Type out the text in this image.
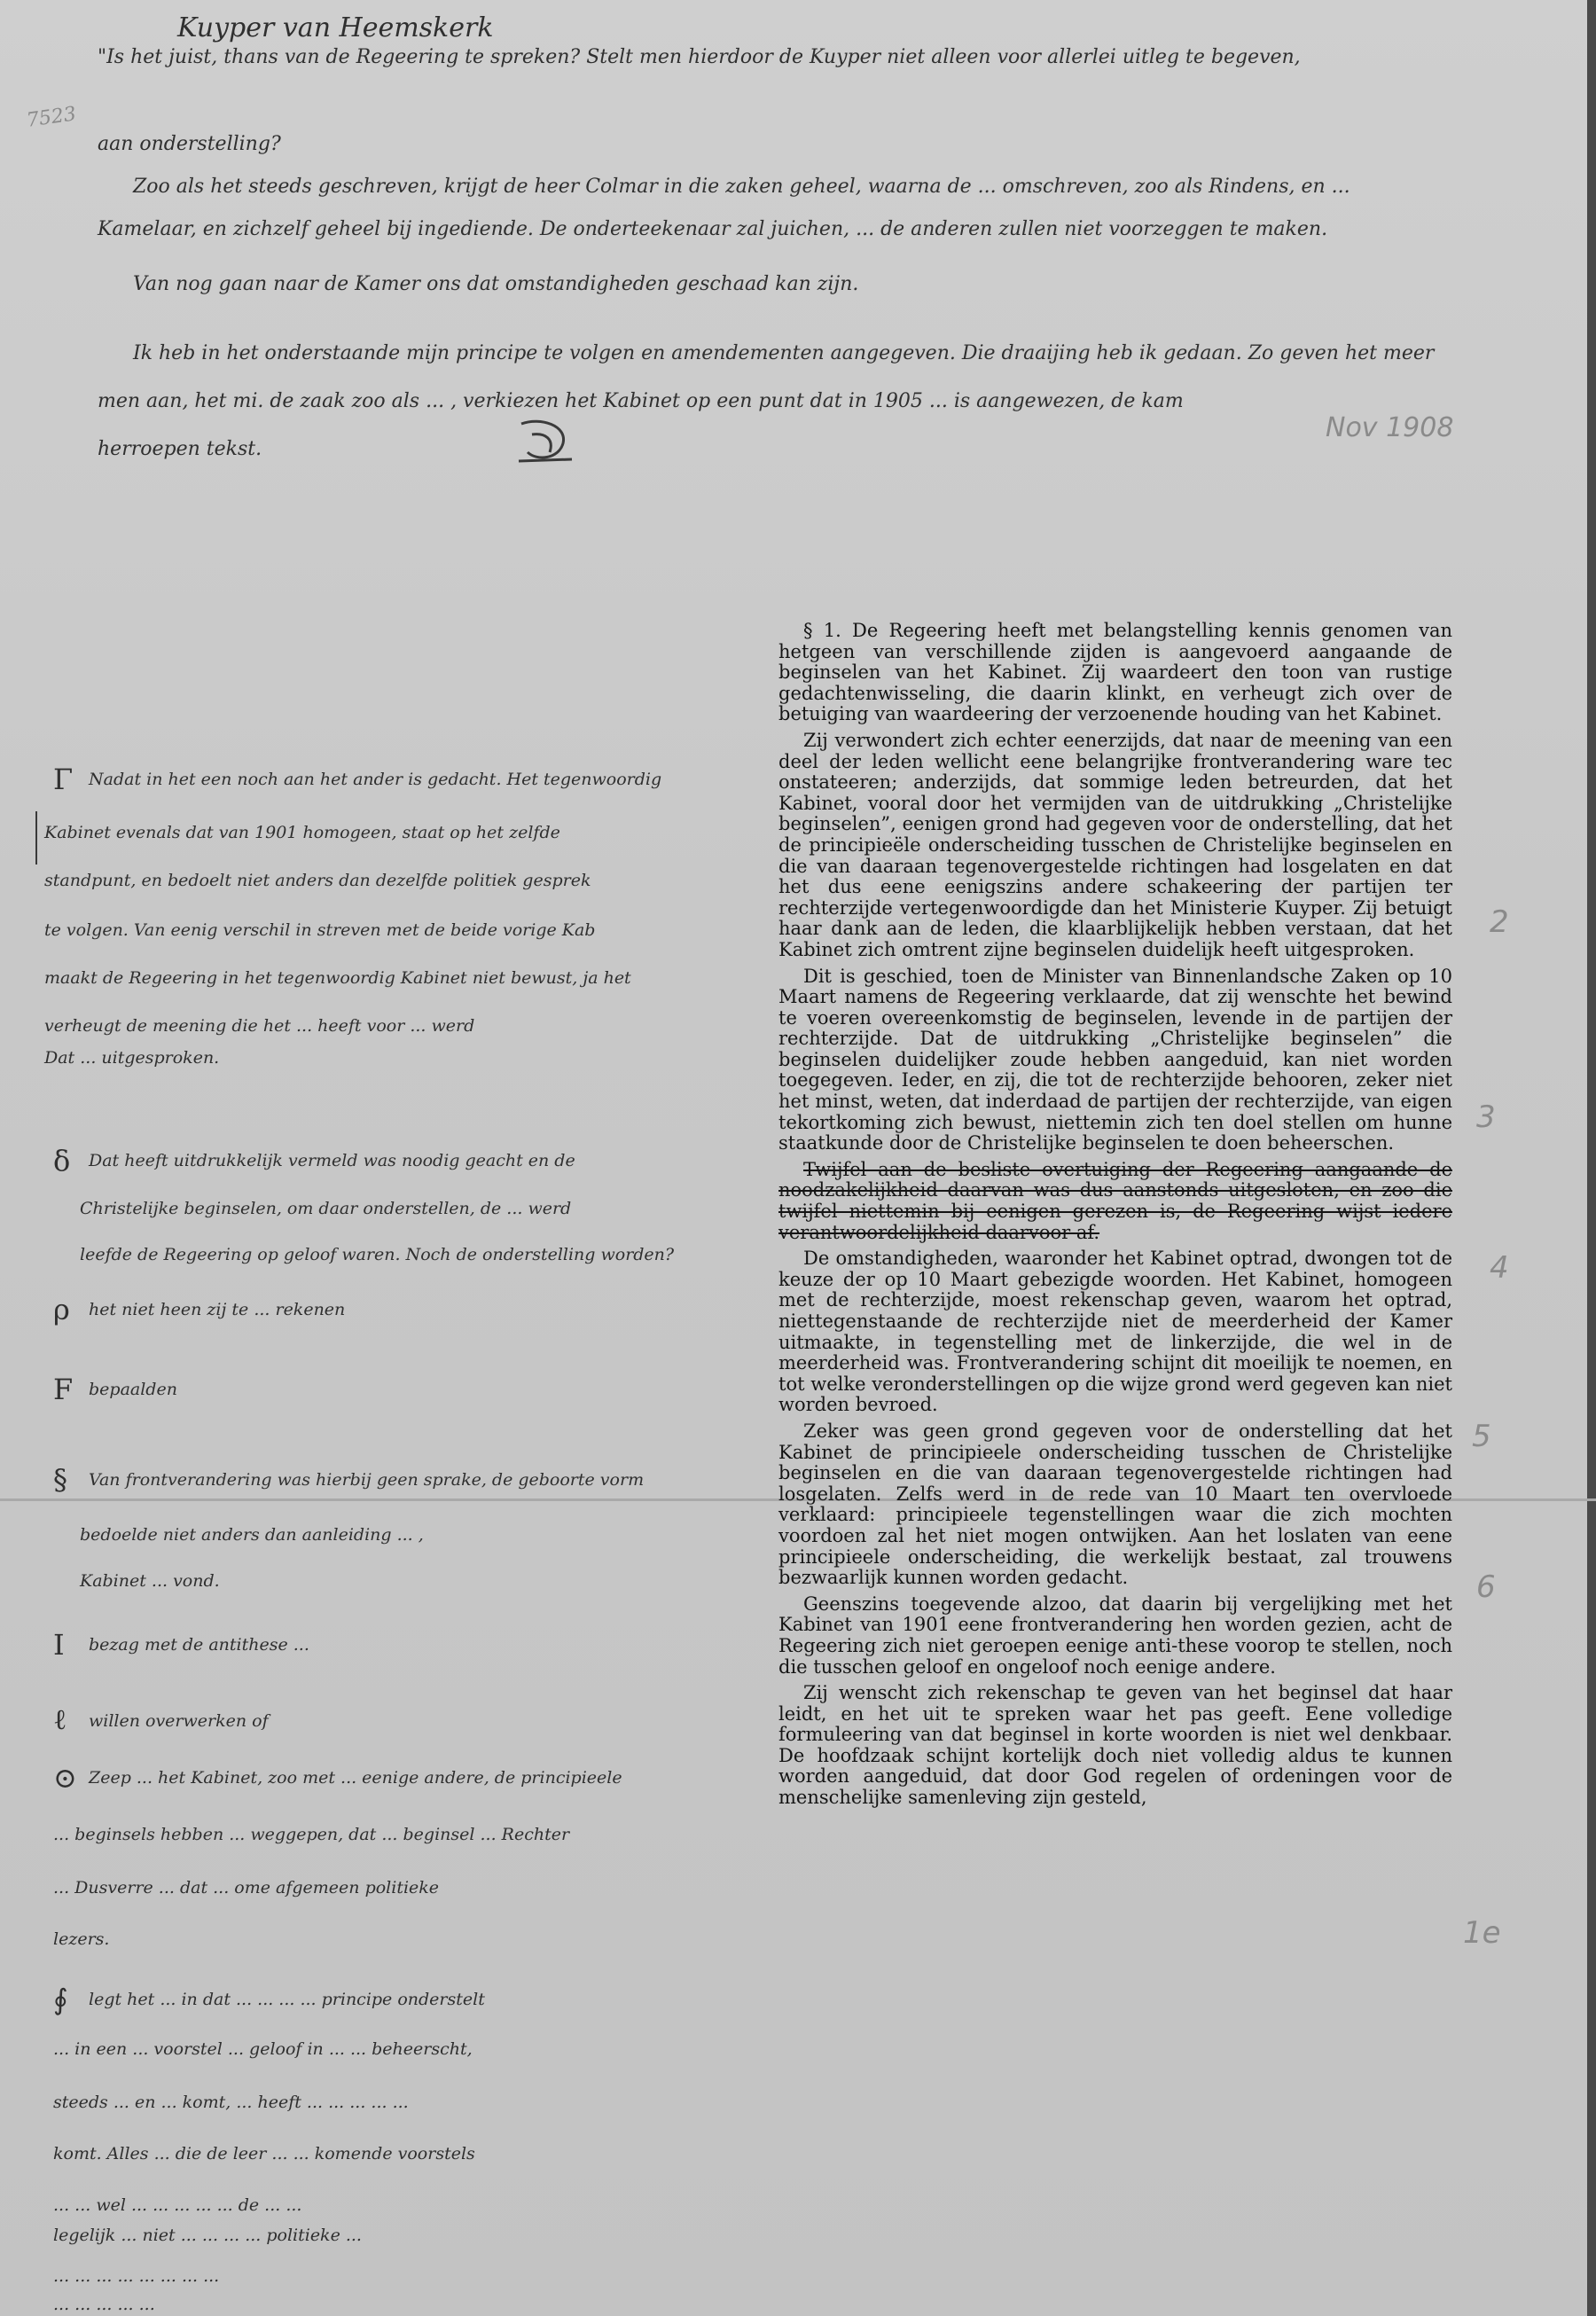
Kuyper van Heemskerk
7523
Nov 1908
"Is het juist, thans van de Regeering te spreken? Stelt men hierdoor de Kuyper niet alleen voor allerlei uitleg te begeven,
aan onderstelling?
Zoo als het steeds geschreven, krijgt de heer Colmar in die zaken geheel, waarna de ... omschreven, zoo als Rindens, en ...
Kamelaar, en zichzelf geheel bij ingediende. De onderteekenaar zal juichen, ... de anderen zullen niet voorzeggen te maken.
Van nog gaan naar de Kamer ons dat omstandigheden geschaad kan zijn.
Ik heb in het onderstaande mijn principe te volgen en amendementen aangegeven. Die draaijing heb ik gedaan. Zo geven het meer
men aan, het mi. de zaak zoo als ... , verkiezen het Kabinet op een punt dat in 1905 ... is aangewezen, de kam
herroepen tekst.

§ 1. De Regeering heeft met belangstelling kennis genomen van hetgeen van verschillende zijden is aangevoerd aangaande de beginselen van het Kabinet. Zij waardeert den toon van rustige gedachtenwisseling, die daarin klinkt, en verheugt zich over de betuiging van waardeering der verzoenende houding van het Kabinet.

Zij verwondert zich echter eenerzijds, dat naar de meening van een deel der leden wellicht eene belangrijke frontverandering ware tec onstateeren; anderzijds, dat sommige leden betreurden, dat het Kabinet, vooral door het vermijden van de uitdrukking „Christelijke beginselen”, eenigen grond had gegeven voor de onderstelling, dat het de principieële onderscheiding tusschen de Christelijke beginselen en die van daaraan tegenovergestelde richtingen had losgelaten en dat het dus eene eenigszins andere schakeering der partijen ter rechterzijde vertegenwoordigde dan het Ministerie Kuyper. Zij betuigt haar dank aan de leden, die klaarblijkelijk hebben verstaan, dat het Kabinet zich omtrent zijne beginselen duidelijk heeft uitgesproken.

Dit is geschied, toen de Minister van Binnenlandsche Zaken op 10 Maart namens de Regeering verklaarde, dat zij wenschte het bewind te voeren overeenkomstig de beginselen, levende in de partijen der rechterzijde. Dat de uitdrukking „Christelijke beginselen” die beginselen duidelijker zoude hebben aangeduid, kan niet worden toegegeven. Ieder, en zij, die tot de rechterzijde behooren, zeker niet het minst, weten, dat inderdaad de partijen der rechterzijde, van eigen tekortkoming zich bewust, niettemin zich ten doel stellen om hunne staatkunde door de Christelijke beginselen te doen beheerschen.

Twijfel aan de besliste overtuiging der Regeering aangaande de noodzakelijkheid daarvan was dus aanstonds uitgesloten, en zoo die twijfel niettemin bij eenigen gerezen is, de Regeering wijst iedere verantwoordelijkheid daarvoor af.

De omstandigheden, waaronder het Kabinet optrad, dwongen tot de keuze der op 10 Maart gebezigde woorden. Het Kabinet, homogeen met de rechterzijde, moest rekenschap geven, waarom het optrad, niettegenstaande de rechterzijde niet de meerderheid der Kamer uitmaakte, in tegenstelling met de linkerzijde, die wel in de meerderheid was. Frontverandering schijnt dit moeilijk te noemen, en tot welke veronderstellingen op die wijze grond werd gegeven kan niet worden bevroed.

Zeker was geen grond gegeven voor de onderstelling dat het Kabinet de principieele onderscheiding tusschen de Christelijke beginselen en die van daaraan tegenovergestelde richtingen had losgelaten. Zelfs werd in de rede van 10 Maart ten overvloede verklaard: principieele tegenstellingen waar die zich mochten voordoen zal het niet mogen ontwijken. Aan het loslaten van eene principieele onderscheiding, die werkelijk bestaat, zal trouwens bezwaarlijk kunnen worden gedacht.

Geenszins toegevende alzoo, dat daarin bij vergelijking met het Kabinet van 1901 eene frontverandering hen worden gezien, acht de Regeering zich niet geroepen eenige anti-these voorop te stellen, noch die tusschen geloof en ongeloof noch eenige andere.

Zij wenscht zich rekenschap te geven van het beginsel dat haar leidt, en het uit te spreken waar het pas geeft. Eene volledige formuleering van dat beginsel in korte woorden is niet wel denkbaar. De hoofdzaak schijnt kortelijk doch niet volledig aldus te kunnen worden aangeduid, dat door God regelen of ordeningen voor de menschelijke samenleving zijn gesteld,

2
3
4
5
6
1e
Γ Nadat in het een noch aan het ander is gedacht. Het tegenwoordig
Kabinet evenals dat van 1901 homogeen, staat op het zelfde
standpunt, en bedoelt niet anders dan dezelfde politiek gesprek
te volgen. Van eenig verschil in streven met de beide vorige Kab
maakt de Regeering in het tegenwoordig Kabinet niet bewust, ja het
verheugt de meening die het ... heeft voor ... werd
Dat ... uitgesproken.
δ Dat heeft uitdrukkelijk vermeld was noodig geacht en de
Christelijke beginselen, om daar onderstellen, de ... werd
leefde de Regeering op geloof waren. Noch de onderstelling worden?
ρ het niet heen zij te ... rekenen
F bepaalden
§ Van frontverandering was hierbij geen sprake, de geboorte vorm
bedoelde niet anders dan aanleiding ... ,
Kabinet ... vond.
I bezag met de antithese ...
ℓ willen overwerken of
⊙ Zeep ... het Kabinet, zoo met ... eenige andere, de principieele
... beginsels hebben ... weggepen, dat ... beginsel ... Rechter
... Dusverre ... dat ... ome afgemeen politieke
lezers.
∮ legt het ... in dat ... ... ... ... principe onderstelt
... in een ... voorstel ... geloof in ... ... beheerscht,
steeds ... en ... komt, ... heeft ... ... ... ... ...
komt. Alles ... die de leer ... ... komende voorstels
... ... wel ... ... ... ... ... de ... ...
legelijk ... niet ... ... ... ... politieke ...
... ... ... ... ... ... ... ...
... ... ... ... ...
